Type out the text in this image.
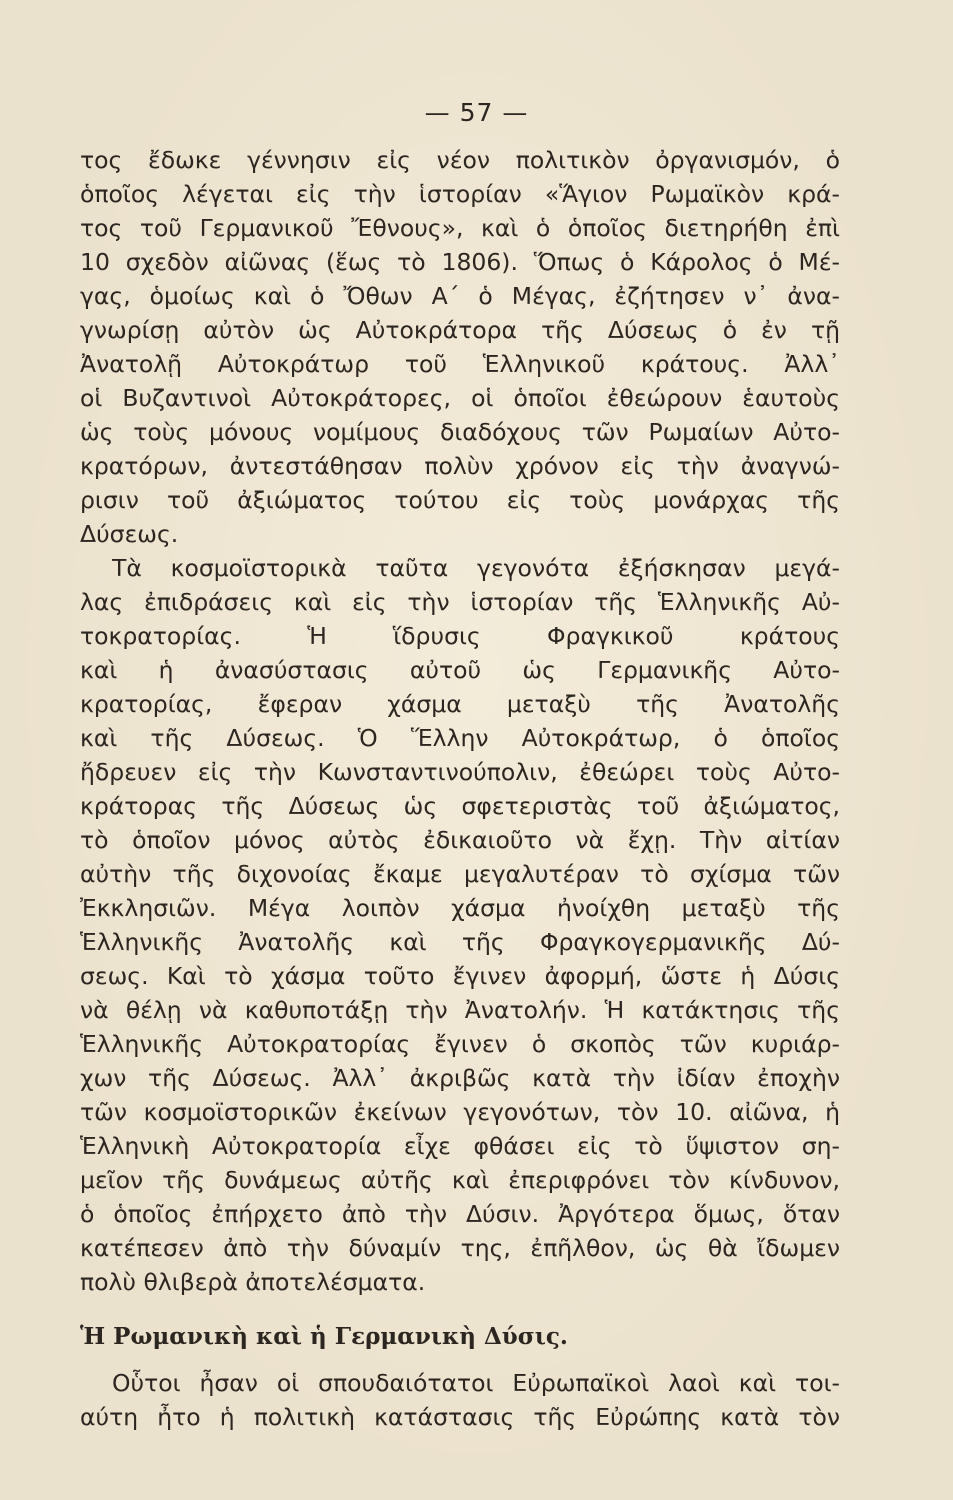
— 57 —
τος ἔδωκε γέννησιν εἰς νέον πολιτικὸν ὀργανισμόν, ὁ
ὁποῖος λέγεται εἰς τὴν ἱστορίαν «Ἅγιον Ρωμαϊκὸν κρά-
τος τοῦ Γερμανικοῦ Ἔθνους», καὶ ὁ ὁποῖος διετηρήθη ἐπὶ
10 σχεδὸν αἰῶνας (ἕως τὸ 1806). Ὅπως ὁ Κάρολος ὁ Μέ-
γας, ὁμοίως καὶ ὁ Ὄθων Α΄ ὁ Μέγας, ἐζήτησεν ν᾿ ἀνα-
γνωρίσῃ αὐτὸν ὡς Αὐτοκράτορα τῆς Δύσεως ὁ ἐν τῇ
Ἀνατολῇ Αὐτοκράτωρ τοῦ Ἑλληνικοῦ κράτους. Ἀλλ᾿
οἱ Βυζαντινοὶ Αὐτοκράτορες, οἱ ὁποῖοι ἐθεώρουν ἑαυτοὺς
ὡς τοὺς μόνους νομίμους διαδόχους τῶν Ρωμαίων Αὐτο-
κρατόρων, ἀντεστάθησαν πολὺν χρόνον εἰς τὴν ἀναγνώ-
ρισιν τοῦ ἀξιώματος τούτου εἰς τοὺς μονάρχας τῆς
Δύσεως.
Τὰ κοσμοϊστορικὰ ταῦτα γεγονότα ἐξήσκησαν μεγά-
λας ἐπιδράσεις καὶ εἰς τὴν ἱστορίαν τῆς Ἑλληνικῆς Αὐ-
τοκρατορίας. Ἡ ἵδρυσις Φραγκικοῦ κράτους
καὶ ἡ ἀνασύστασις αὐτοῦ ὡς Γερμανικῆς Αὐτο-
κρατορίας, ἔφεραν χάσμα μεταξὺ τῆς Ἀνατολῆς
καὶ τῆς Δύσεως. Ὁ Ἕλλην Αὐτοκράτωρ, ὁ ὁποῖος
ἤδρευεν εἰς τὴν Κωνσταντινούπολιν, ἐθεώρει τοὺς Αὐτο-
κράτορας τῆς Δύσεως ὡς σφετεριστὰς τοῦ ἀξιώματος,
τὸ ὁποῖον μόνος αὐτὸς ἐδικαιοῦτο νὰ ἔχῃ. Τὴν αἰτίαν
αὐτὴν τῆς διχονοίας ἔκαμε μεγαλυτέραν τὸ σχίσμα τῶν
Ἐκκλησιῶν. Μέγα λοιπὸν χάσμα ἠνοίχθη μεταξὺ τῆς
Ἑλληνικῆς Ἀνατολῆς καὶ τῆς Φραγκογερμανικῆς Δύ-
σεως. Καὶ τὸ χάσμα τοῦτο ἔγινεν ἀφορμή, ὥστε ἡ Δύσις
νὰ θέλῃ νὰ καθυποτάξῃ τὴν Ἀνατολήν. Ἡ κατάκτησις τῆς
Ἑλληνικῆς Αὐτοκρατορίας ἔγινεν ὁ σκοπὸς τῶν κυριάρ-
χων τῆς Δύσεως. Ἀλλ᾿ ἀκριβῶς κατὰ τὴν ἰδίαν ἐποχὴν
τῶν κοσμοϊστορικῶν ἐκείνων γεγονότων, τὸν 10. αἰῶνα, ἡ
Ἑλληνικὴ Αὐτοκρατορία εἶχε φθάσει εἰς τὸ ὕψιστον ση-
μεῖον τῆς δυνάμεως αὐτῆς καὶ ἐπεριφρόνει τὸν κίνδυνον,
ὁ ὁποῖος ἐπήρχετο ἀπὸ τὴν Δύσιν. Ἀργότερα ὅμως, ὅταν
κατέπεσεν ἀπὸ τὴν δύναμίν της, ἐπῆλθον, ὡς θὰ ἴδωμεν
πολὺ θλιβερὰ ἀποτελέσματα.
Ἡ Ρωμανικὴ καὶ ἡ Γερμανικὴ Δύσις.
Οὗτοι ἦσαν οἱ σπουδαιότατοι Εὐρωπαϊκοὶ λαοὶ καὶ τοι-
αύτη ἦτο ἡ πολιτικὴ κατάστασις τῆς Εὐρώπης κατὰ τὸν
